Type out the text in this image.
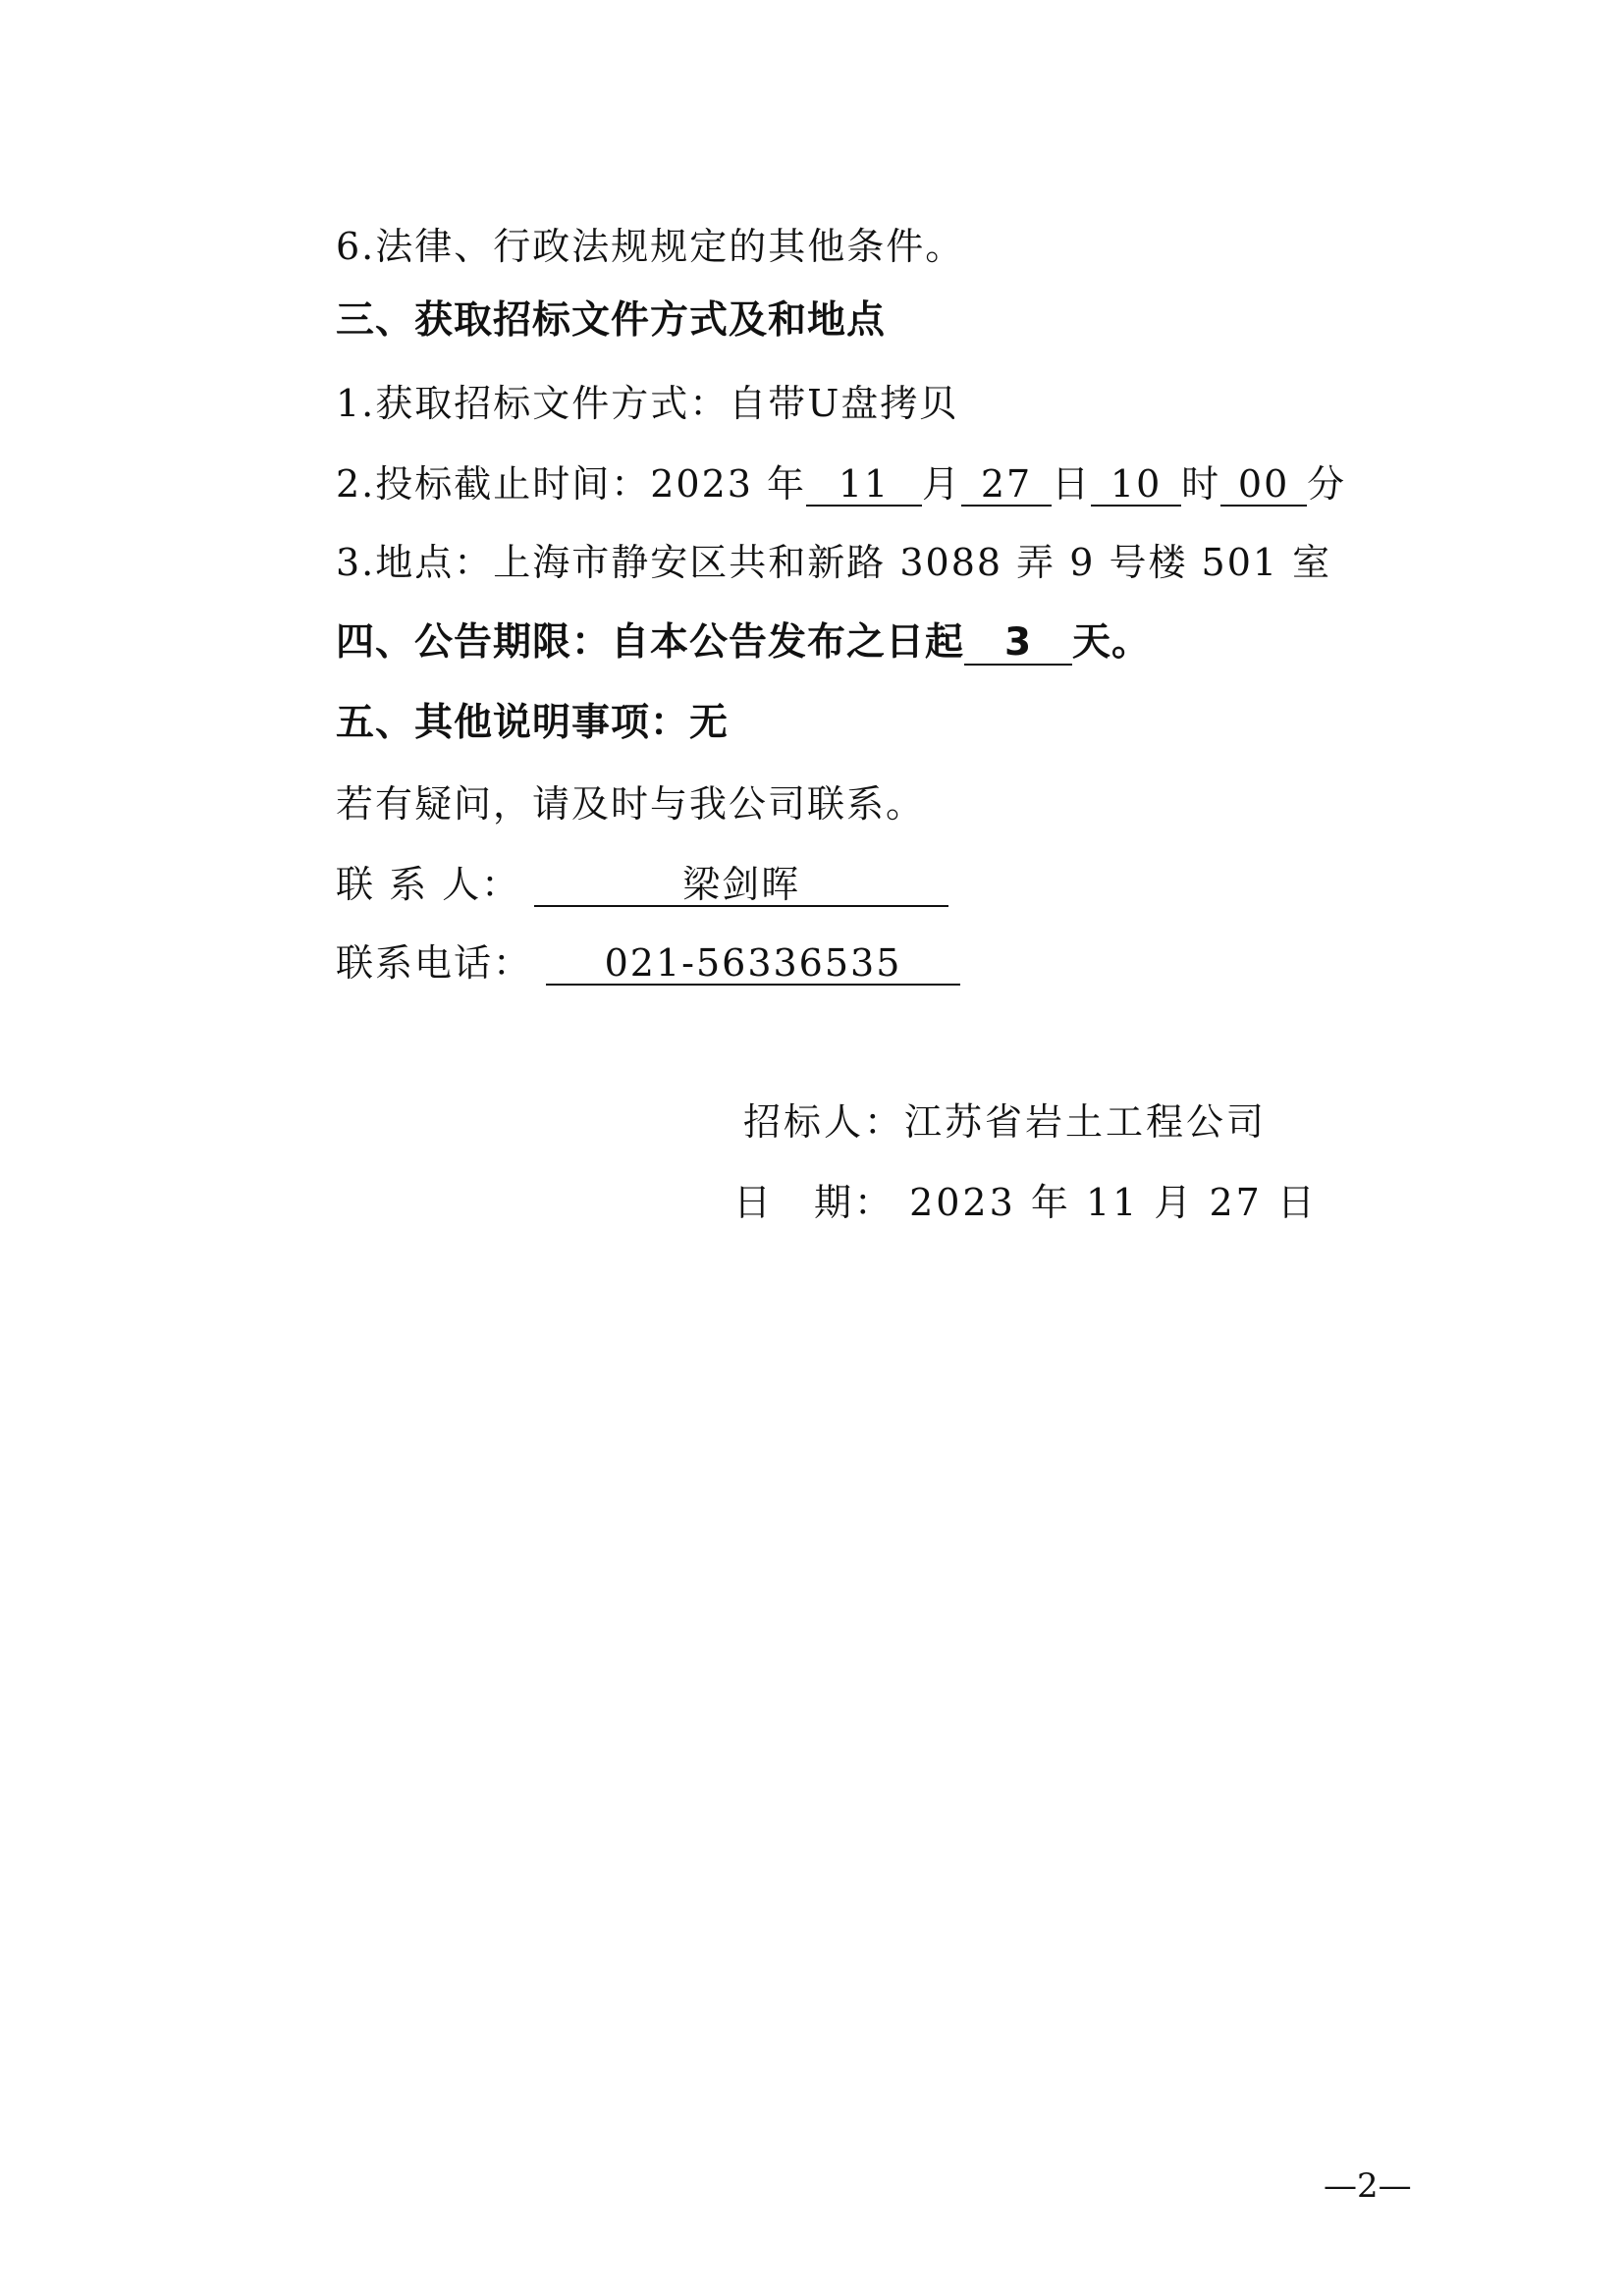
6.法律、行政法规规定的其他条件。
三、获取招标文件方式及和地点
1.获取招标文件方式：自带U盘拷贝
2.投标截止时间：2023 年 11 月 27 日 10 时 00 分
3.地点：上海市静安区共和新路 3088 弄 9 号楼 501 室
四、公告期限：自本公告发布之日起 3 天。
五、其他说明事项：无
若有疑问，请及时与我公司联系。
联 系 人：	梁剑晖
联系电话： 021-56336535
招标人：江苏省岩土工程公司
日　期： 2023 年 11 月 27 日
—2—
